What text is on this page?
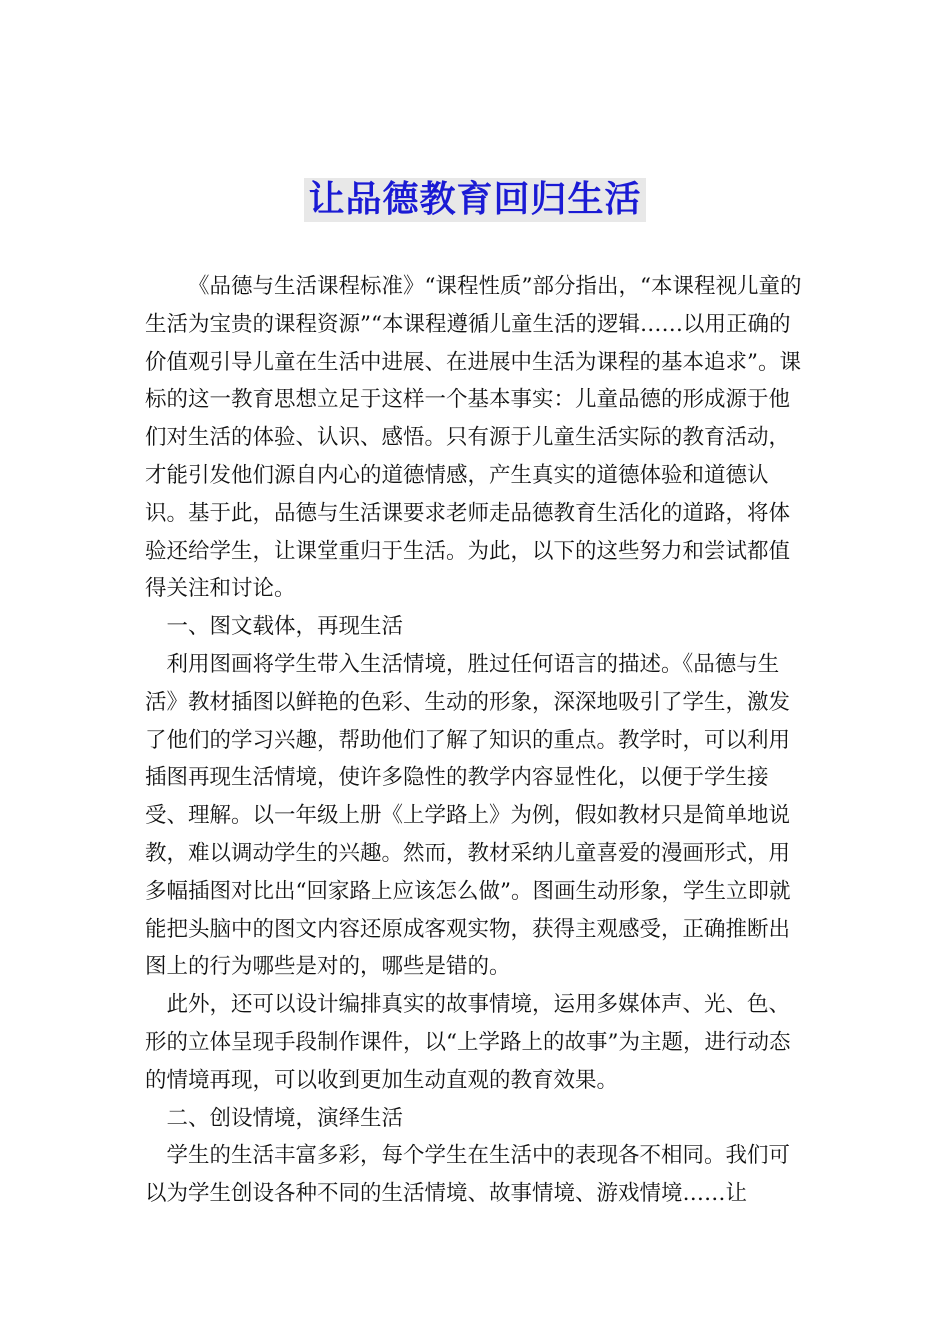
让品德教育回归生活

《品德与生活课程标准》“课程性质”部分指出，“本课程视儿童的生活为宝贵的课程资源”“本课程遵循儿童生活的逻辑……以用正确的价值观引导儿童在生活中进展、在进展中生活为课程的基本追求”。课标的这一教育思想立足于这样一个基本事实：儿童品德的形成源于他们对生活的体验、认识、感悟。只有源于儿童生活实际的教育活动，才能引发他们源自内心的道德情感，产生真实的道德体验和道德认识。基于此，品德与生活课要求老师走品德教育生活化的道路，将体验还给学生，让课堂重归于生活。为此，以下的这些努力和尝试都值得关注和讨论。

一、图文载体，再现生活

利用图画将学生带入生活情境，胜过任何语言的描述。《品德与生活》教材插图以鲜艳的色彩、生动的形象，深深地吸引了学生，激发了他们的学习兴趣，帮助他们了解了知识的重点。教学时，可以利用插图再现生活情境，使许多隐性的教学内容显性化，以便于学生接受、理解。以一年级上册《上学路上》为例，假如教材只是简单地说教，难以调动学生的兴趣。然而，教材采纳儿童喜爱的漫画形式，用多幅插图对比出“回家路上应该怎么做”。图画生动形象，学生立即就能把头脑中的图文内容还原成客观实物，获得主观感受，正确推断出图上的行为哪些是对的，哪些是错的。

此外，还可以设计编排真实的故事情境，运用多媒体声、光、色、形的立体呈现手段制作课件，以“上学路上的故事”为主题，进行动态的情境再现，可以收到更加生动直观的教育效果。

二、创设情境，演绎生活

学生的生活丰富多彩，每个学生在生活中的表现各不相同。我们可以为学生创设各种不同的生活情境、故事情境、游戏情境……让
